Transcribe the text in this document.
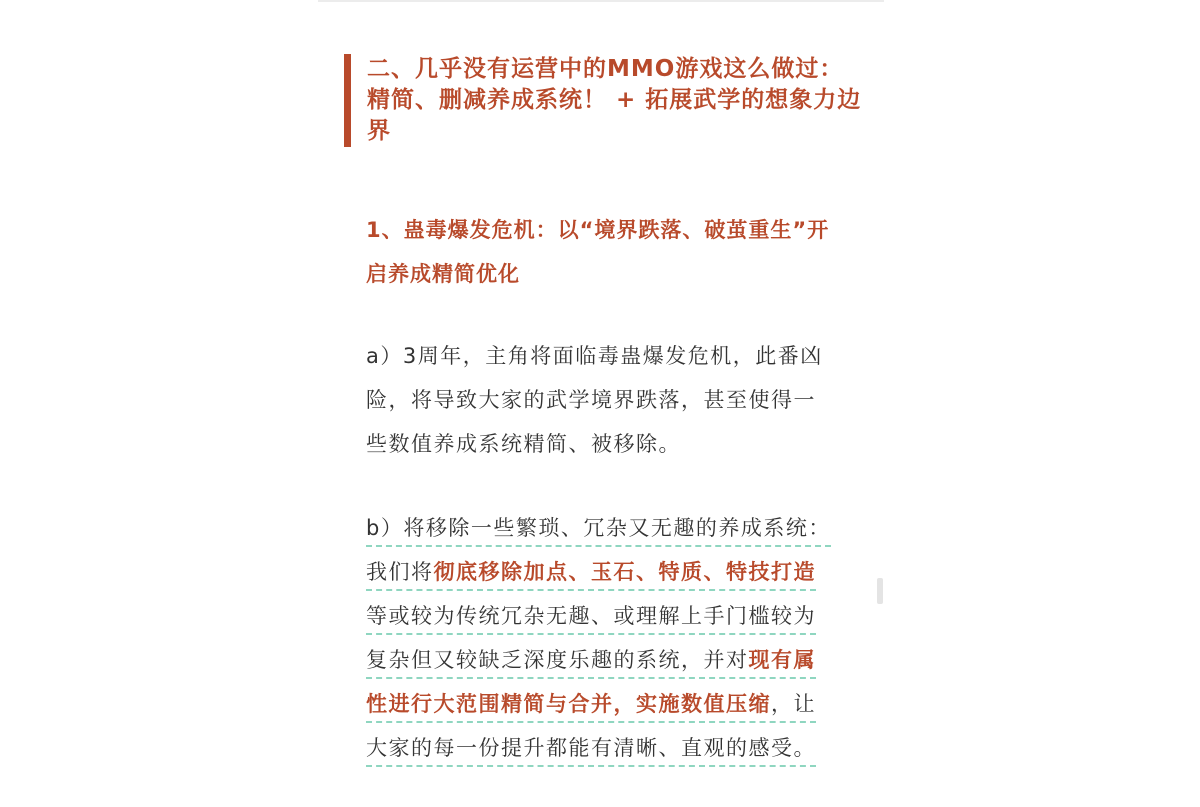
二、几乎没有运营中的MMO游戏这么做过：
精简、删减养成系统！ + 拓展武学的想象力边
界
1、蛊毒爆发危机：以“境界跌落、破茧重生”开
启养成精简优化
a）3周年，主角将面临毒蛊爆发危机，此番凶
险，将导致大家的武学境界跌落，甚至使得一
些数值养成系统精简、被移除。
b）将移除一些繁琐、冗杂又无趣的养成系统：
我们将彻底移除加点、玉石、特质、特技打造
等或较为传统冗杂无趣、或理解上手门槛较为
复杂但又较缺乏深度乐趣的系统，并对现有属
性进行大范围精简与合并，实施数值压缩，让
大家的每一份提升都能有清晰、直观的感受。
